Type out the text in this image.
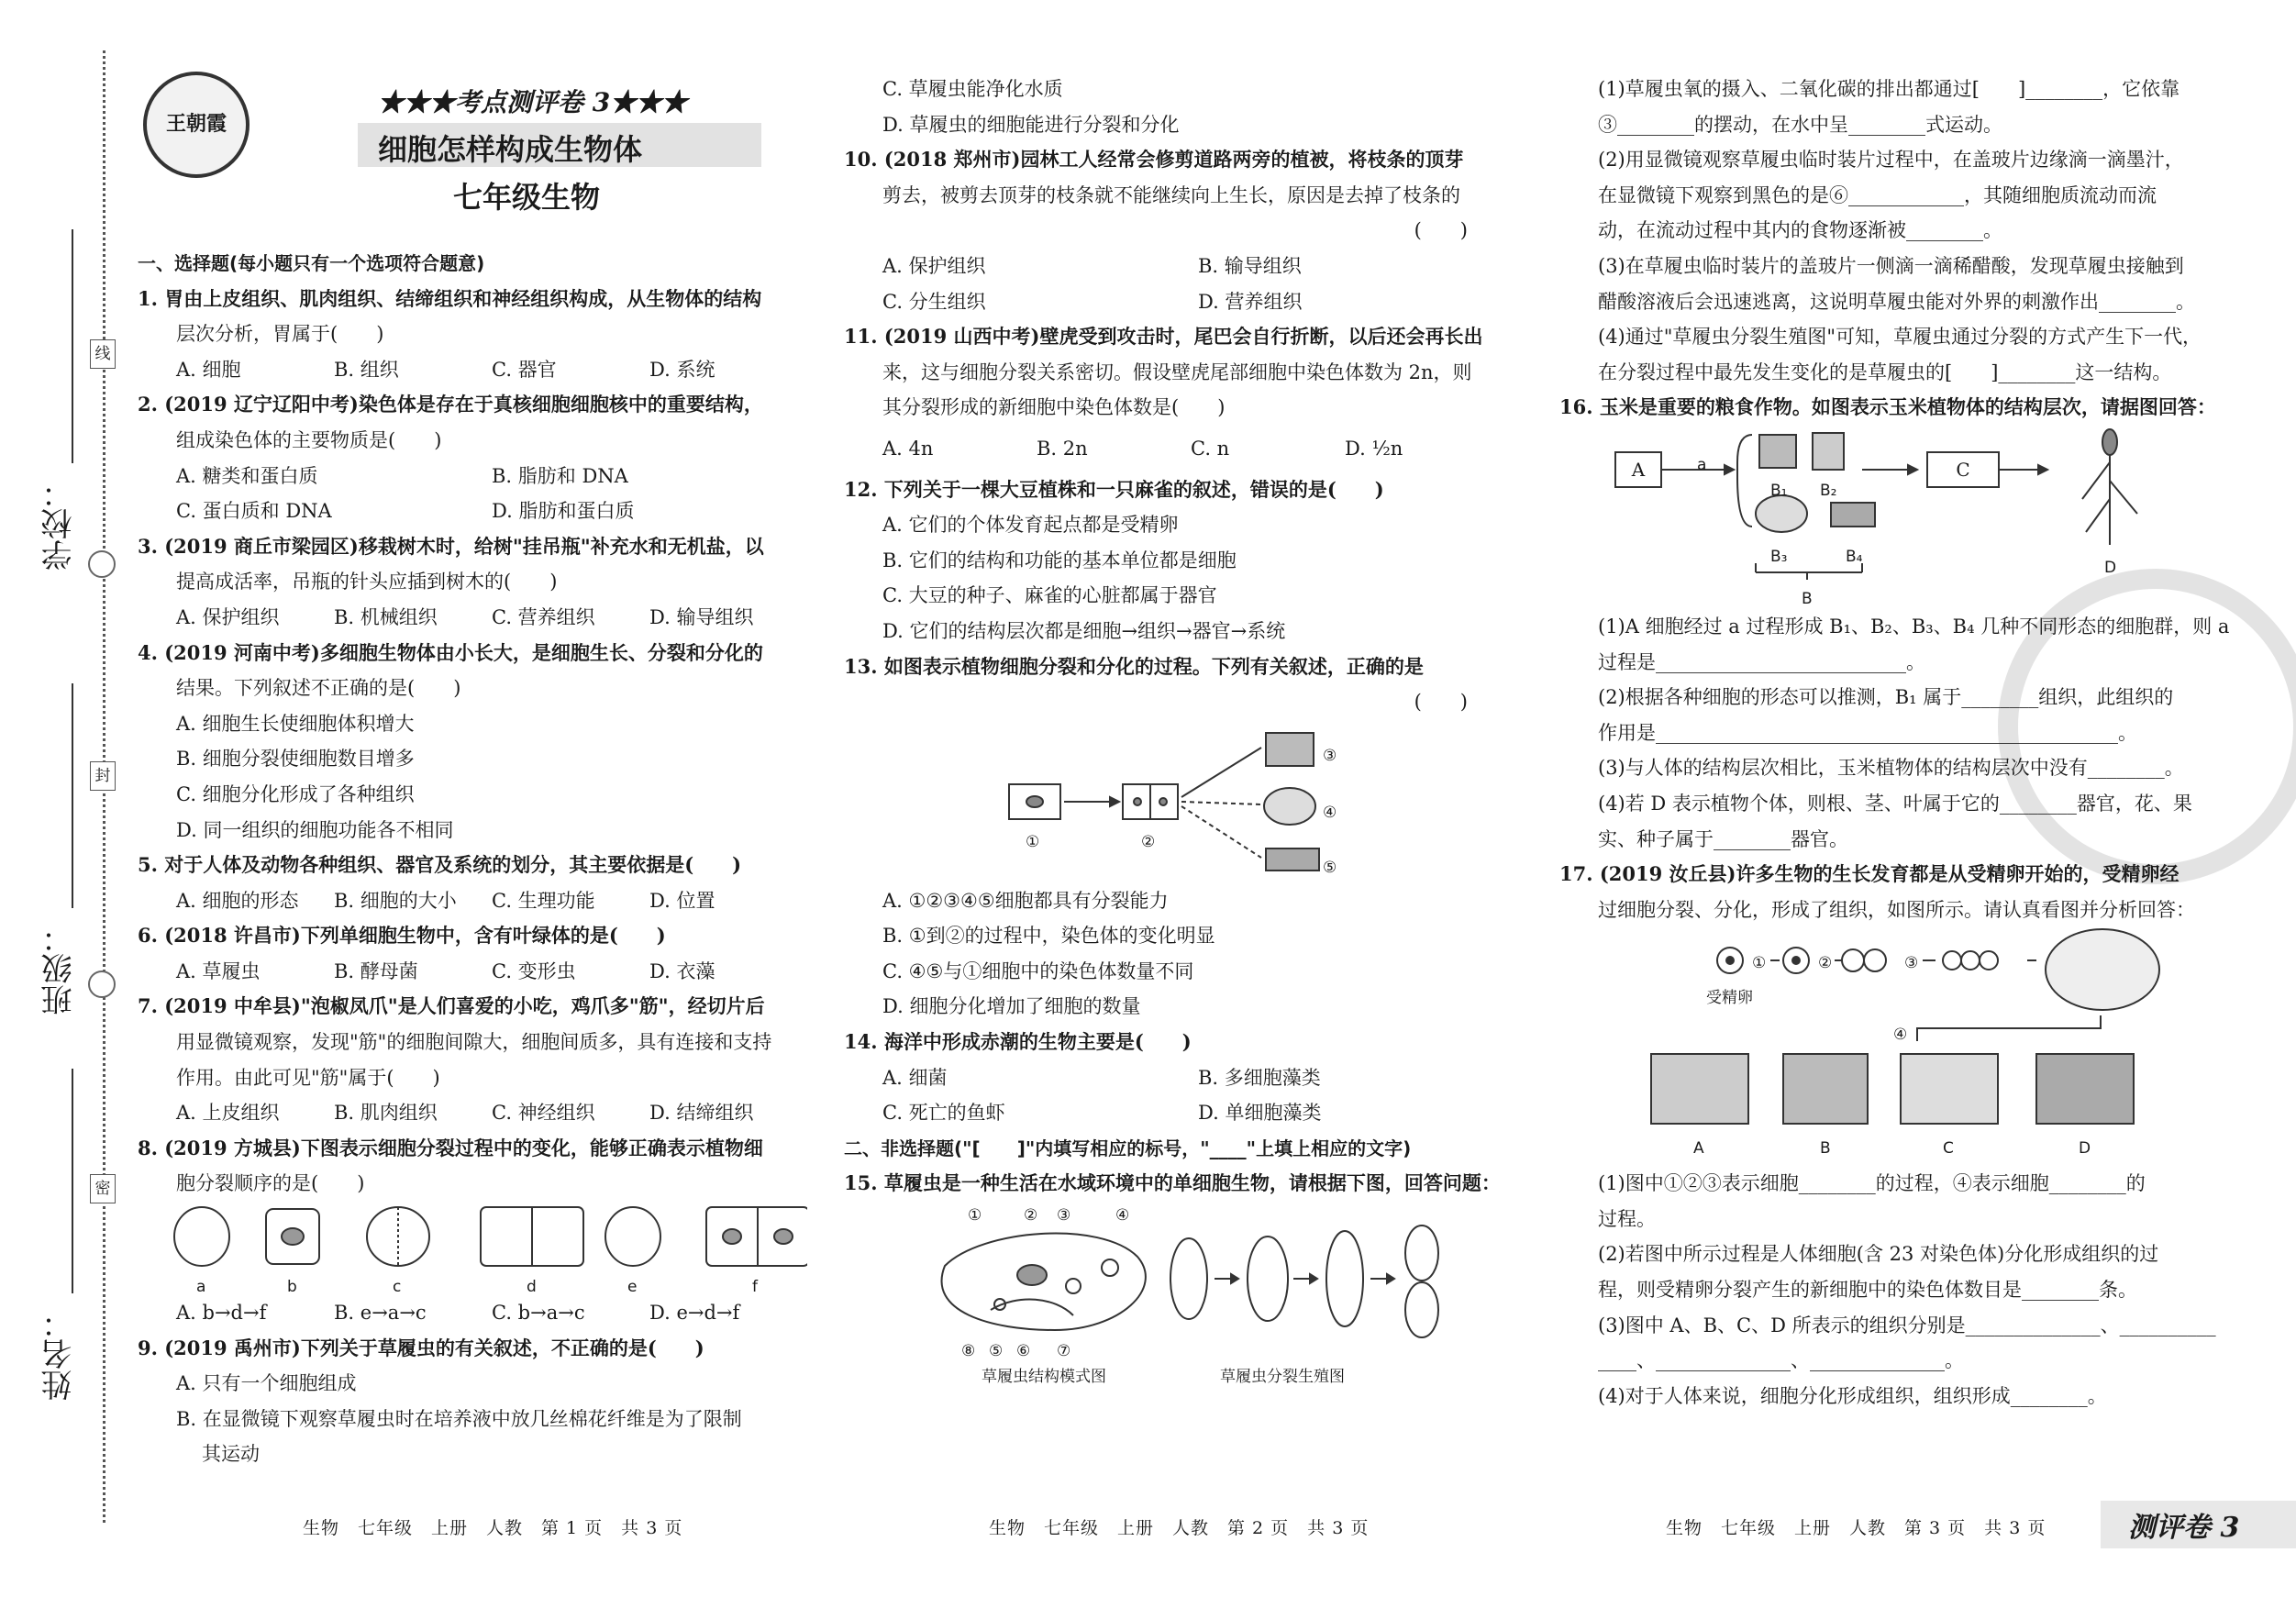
学校：
班级：
姓名：
线
封
密
王朝霞
★★★考点测评卷 3★★★
细胞怎样构成生物体
七年级生物

一、选择题(每小题只有一个选项符合题意)

1. 胃由上皮组织、肌肉组织、结缔组织和神经组织构成，从生物体的结构

层次分析，胃属于(　　)

A. 细胞	B. 组织	C. 器官	D. 系统

2. (2019 辽宁辽阳中考)染色体是存在于真核细胞细胞核中的重要结构，

组成染色体的主要物质是(　　)

A. 糖类和蛋白质	B. 脂肪和 DNA
C. 蛋白质和 DNA	D. 脂肪和蛋白质

3. (2019 商丘市梁园区)移栽树木时，给树"挂吊瓶"补充水和无机盐，以

提高成活率，吊瓶的针头应插到树木的(　　)

A. 保护组织	B. 机械组织	C. 营养组织	D. 输导组织

4. (2019 河南中考)多细胞生物体由小长大，是细胞生长、分裂和分化的

结果。下列叙述不正确的是(　　)

A. 细胞生长使细胞体积增大

B. 细胞分裂使细胞数目增多

C. 细胞分化形成了各种组织

D. 同一组织的细胞功能各不相同

5. 对于人体及动物各种组织、器官及系统的划分，其主要依据是(　　)

A. 细胞的形态	B. 细胞的大小	C. 生理功能	D. 位置

6. (2018 许昌市)下列单细胞生物中，含有叶绿体的是(　　)

A. 草履虫	B. 酵母菌	C. 变形虫	D. 衣藻

7. (2019 中牟县)"泡椒凤爪"是人们喜爱的小吃，鸡爪多"筋"，经切片后

用显微镜观察，发现"筋"的细胞间隙大，细胞间质多，具有连接和支持

作用。由此可见"筋"属于(　　)

A. 上皮组织	B. 肌肉组织	C. 神经组织	D. 结缔组织

8. (2019 方城县)下图表示细胞分裂过程中的变化，能够正确表示植物细

胞分裂顺序的是(　　)

a	b	c	d	e	f
A. b→d→f	B. e→a→c	C. b→a→c	D. e→d→f

9. (2019 禹州市)下列关于草履虫的有关叙述，不正确的是(　　)

A. 只有一个细胞组成

B. 在显微镜下观察草履虫时在培养液中放几丝棉花纤维是为了限制

其运动

生物　七年级　上册　人教　第 1 页　共 3 页

C. 草履虫能净化水质

D. 草履虫的细胞能进行分裂和分化

10. (2018 郑州市)园林工人经常会修剪道路两旁的植被，将枝条的顶芽

剪去，被剪去顶芽的枝条就不能继续向上生长，原因是去掉了枝条的

(　　)

A. 保护组织	B. 输导组织
C. 分生组织	D. 营养组织

11. (2019 山西中考)壁虎受到攻击时，尾巴会自行折断，以后还会再长出

来，这与细胞分裂关系密切。假设壁虎尾部细胞中染色体数为 2n，则

其分裂形成的新细胞中染色体数是(　　)

A. 4n	B. 2n	C. n	D. ½n

12. 下列关于一棵大豆植株和一只麻雀的叙述，错误的是(　　)

A. 它们的个体发育起点都是受精卵

B. 它们的结构和功能的基本单位都是细胞

C. 大豆的种子、麻雀的心脏都属于器官

D. 它们的结构层次都是细胞→组织→器官→系统

13. 如图表示植物细胞分裂和分化的过程。下列有关叙述，正确的是

(　　)

①	②
③
④
⑤

A. ①②③④⑤细胞都具有分裂能力

B. ①到②的过程中，染色体的变化明显

C. ④⑤与①细胞中的染色体数量不同

D. 细胞分化增加了细胞的数量

14. 海洋中形成赤潮的生物主要是(　　)

A. 细菌	B. 多细胞藻类
C. 死亡的鱼虾	D. 单细胞藻类

二、非选择题("[　　]"内填写相应的标号，"____"上填上相应的文字)

15. 草履虫是一种生活在水域环境中的单细胞生物，请根据下图，回答问题：

①	② ③	④
⑧ ⑤ ⑥ ⑦
草履虫结构模式图	草履虫分裂生殖图
生物　七年级　上册　人教　第 2 页　共 3 页

(1)草履虫氧的摄入、二氧化碳的排出都通过[　　]________，它依靠

③________的摆动，在水中呈________式运动。

(2)用显微镜观察草履虫临时装片过程中，在盖玻片边缘滴一滴墨汁，

在显微镜下观察到黑色的是⑥____________，其随细胞质流动而流

动，在流动过程中其内的食物逐渐被________。

(3)在草履虫临时装片的盖玻片一侧滴一滴稀醋酸，发现草履虫接触到

醋酸溶液后会迅速逃离，这说明草履虫能对外界的刺激作出________。

(4)通过"草履虫分裂生殖图"可知，草履虫通过分裂的方式产生下一代，

在分裂过程中最先发生变化的是草履虫的[　　]________这一结构。

16. 玉米是重要的粮食作物。如图表示玉米植物体的结构层次，请据图回答：

A	a
B₁ B₂
B₃	B₄
B
C
D

(1)A 细胞经过 a 过程形成 B₁、B₂、B₃、B₄ 几种不同形态的细胞群，则 a

过程是__________________________。

(2)根据各种细胞的形态可以推测，B₁ 属于________组织，此组织的

作用是________________________________________________。

(3)与人体的结构层次相比，玉米植物体的结构层次中没有________。

(4)若 D 表示植物个体，则根、茎、叶属于它的________器官，花、果

实、种子属于________器官。

17. (2019 汝丘县)许多生物的生长发育都是从受精卵开始的，受精卵经

过细胞分裂、分化，形成了组织，如图所示。请认真看图并分析回答：

受精卵
①	②	③
④
A	B	C	D

(1)图中①②③表示细胞________的过程，④表示细胞________的

过程。

(2)若图中所示过程是人体细胞(含 23 对染色体)分化形成组织的过

程，则受精卵分裂产生的新细胞中的染色体数目是________条。

(3)图中 A、B、C、D 所表示的组织分别是______________、__________

____、______________、______________。

(4)对于人体来说，细胞分化形成组织，组织形成________。

生物　七年级　上册　人教　第 3 页　共 3 页	测评卷 3
